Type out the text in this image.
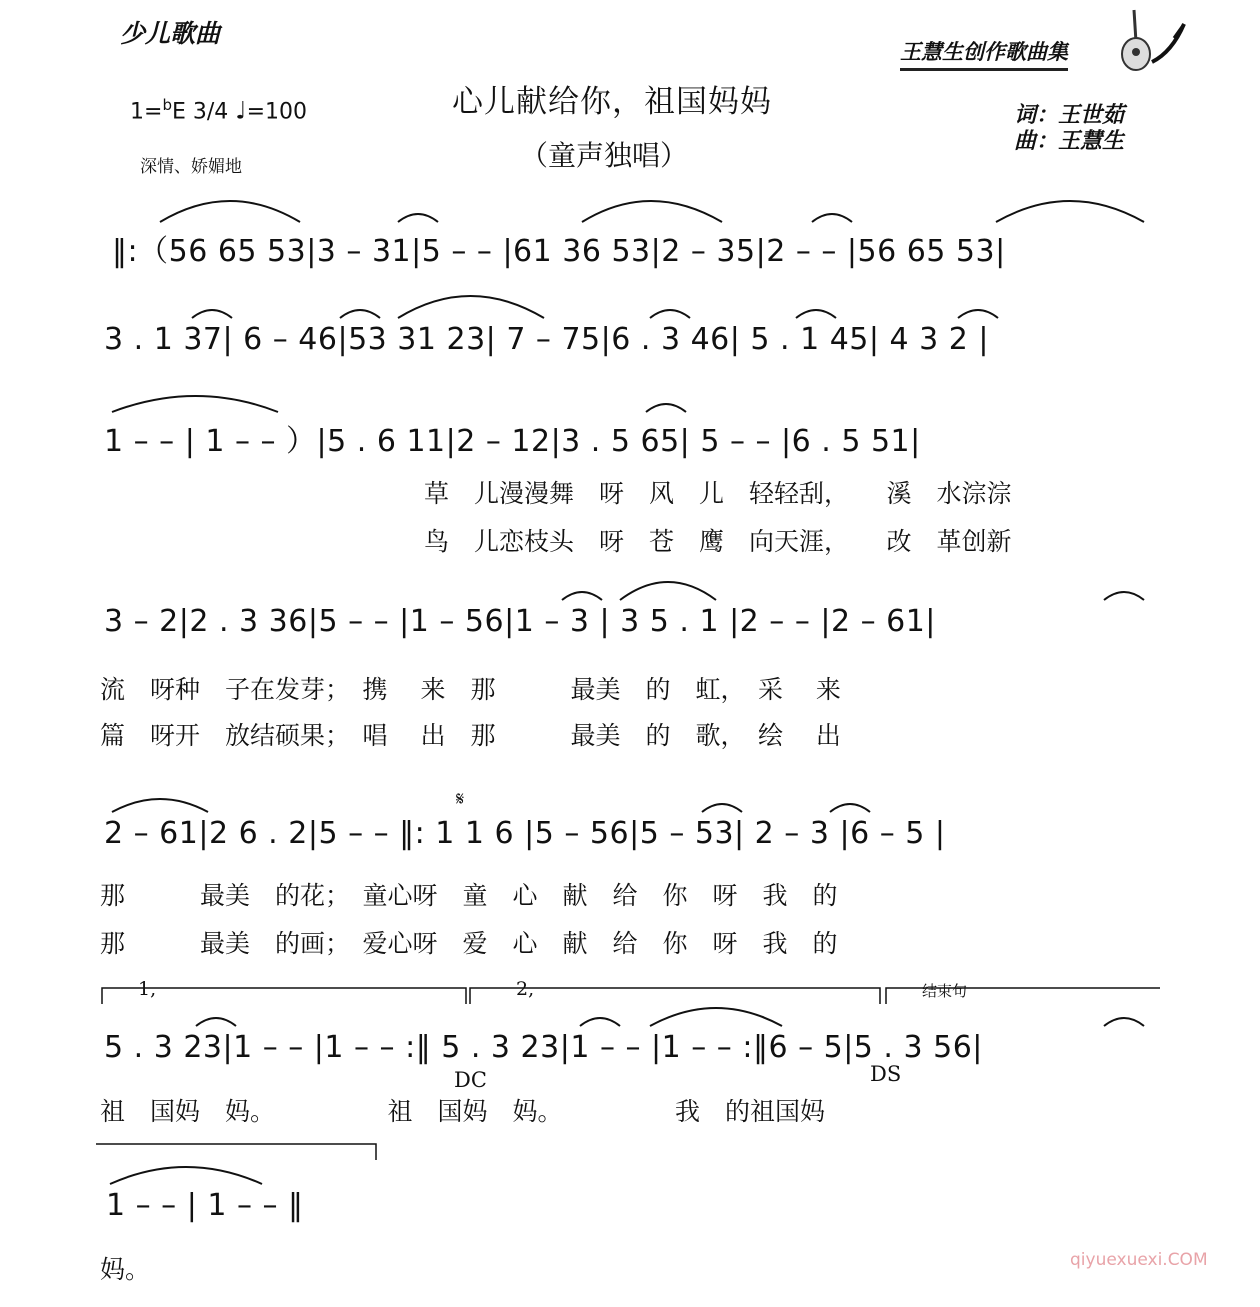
少儿歌曲
王慧生创作歌曲集
心儿献给你，祖国妈妈
（童声独唱）
1=$^b$E 3/4 ♩=100
深情、娇媚地
词：王世茹
曲：王慧生
‖:（56 65 53|3 – 31|5 – – |61 36 53|2 – 35|2 – – |56 65 53|
3 . 1 37| 6 – 46|53 31 23| 7 – 75|6 . 3 46| 5 . 1 45| 4 3 2 |
1 – – | 1 – – ）|5 . 6 11|2 – 12|3 . 5 65| 5 – – |6 . 5 51|
草　儿漫漫舞　呀　风　儿　轻轻刮，　　溪　水淙淙
鸟　儿恋枝头　呀　苍　鹰　向天涯，　　改　革创新
3 – 2|2 . 3 36|5 – – |1 – 56|1 – 3 | 3 5 . 1 |2 – – |2 – 61|
流　呀种　子在发芽；　携　 来　那　　　最美　的　虹，　采　 来
篇　呀开　放结硕果；　唱　 出　那　　　最美　的　歌，　绘　 出
𝄋
2 – 61|2 6 . 2|5 – – ‖: 1 1 6 |5 – 56|5 – 53| 2 – 3 |6 – 5 |
那　　　最美　的花；　童心呀　童　心　献　给　你　呀　我　的
那　　　最美　的画；　爱心呀　爱　心　献　给　你　呀　我　的
1,	2,	结束句
5 . 3 23|1 – – |1 – – :‖ 5 . 3 23|1 – – |1 – – :‖6 – 5|5 . 3 56|
DC	DS
祖　国妈　妈。　　　　　祖　国妈　妈。　　　　　我　的祖国妈
1 – – | 1 – – ‖
妈。	qiyuexuexi.COM
